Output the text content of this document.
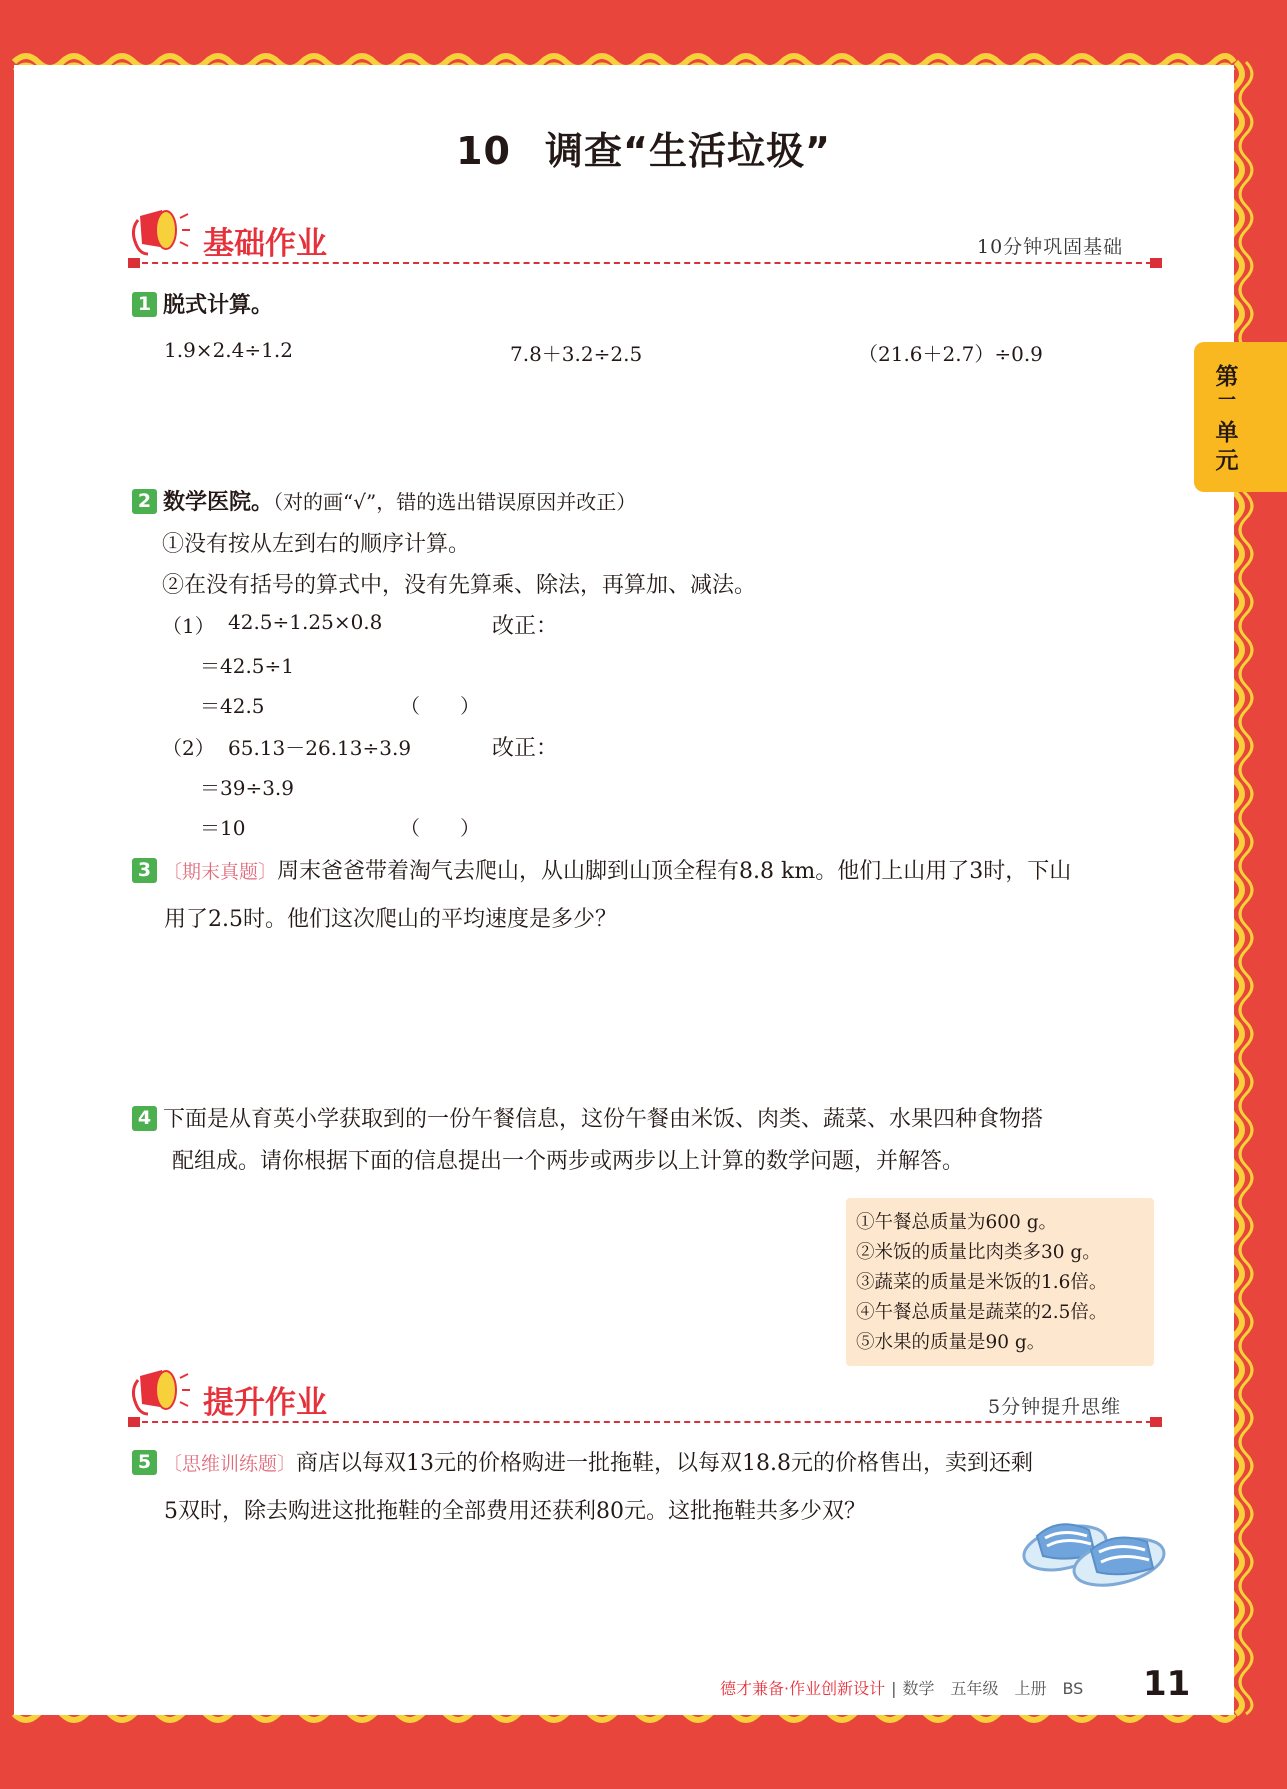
10 调查“生活垃圾”
第
一
单
元
基础作业	10分钟巩固基础
1 脱式计算。
1.9×2.4÷1.2	7.8＋3.2÷2.5	（21.6＋2.7）÷0.9
2 数学医院。（对的画“√”，错的选出错误原因并改正）
①没有按从左到右的顺序计算。
②在没有括号的算式中，没有先算乘、除法，再算加、减法。
（1） 42.5÷1.25×0.8	改正：
＝42.5÷1
＝42.5	（　　）
（2） 65.13－26.13÷3.9	改正：
＝39÷3.9
＝10	（　　）
3 〔期末真题〕周末爸爸带着淘气去爬山，从山脚到山顶全程有8.8 km。他们上山用了3时，下山
用了2.5时。他们这次爬山的平均速度是多少？
4 下面是从育英小学获取到的一份午餐信息，这份午餐由米饭、肉类、蔬菜、水果四种食物搭
配组成。请你根据下面的信息提出一个两步或两步以上计算的数学问题，并解答。
①午餐总质量为600 g。
②米饭的质量比肉类多30 g。
③蔬菜的质量是米饭的1.6倍。
④午餐总质量是蔬菜的2.5倍。
⑤水果的质量是90 g。
提升作业	5分钟提升思维
5 〔思维训练题〕商店以每双13元的价格购进一批拖鞋，以每双18.8元的价格售出，卖到还剩
5双时，除去购进这批拖鞋的全部费用还获利80元。这批拖鞋共多少双？
德才兼备·作业创新设计 | 数学　五年级　上册　BS 11
